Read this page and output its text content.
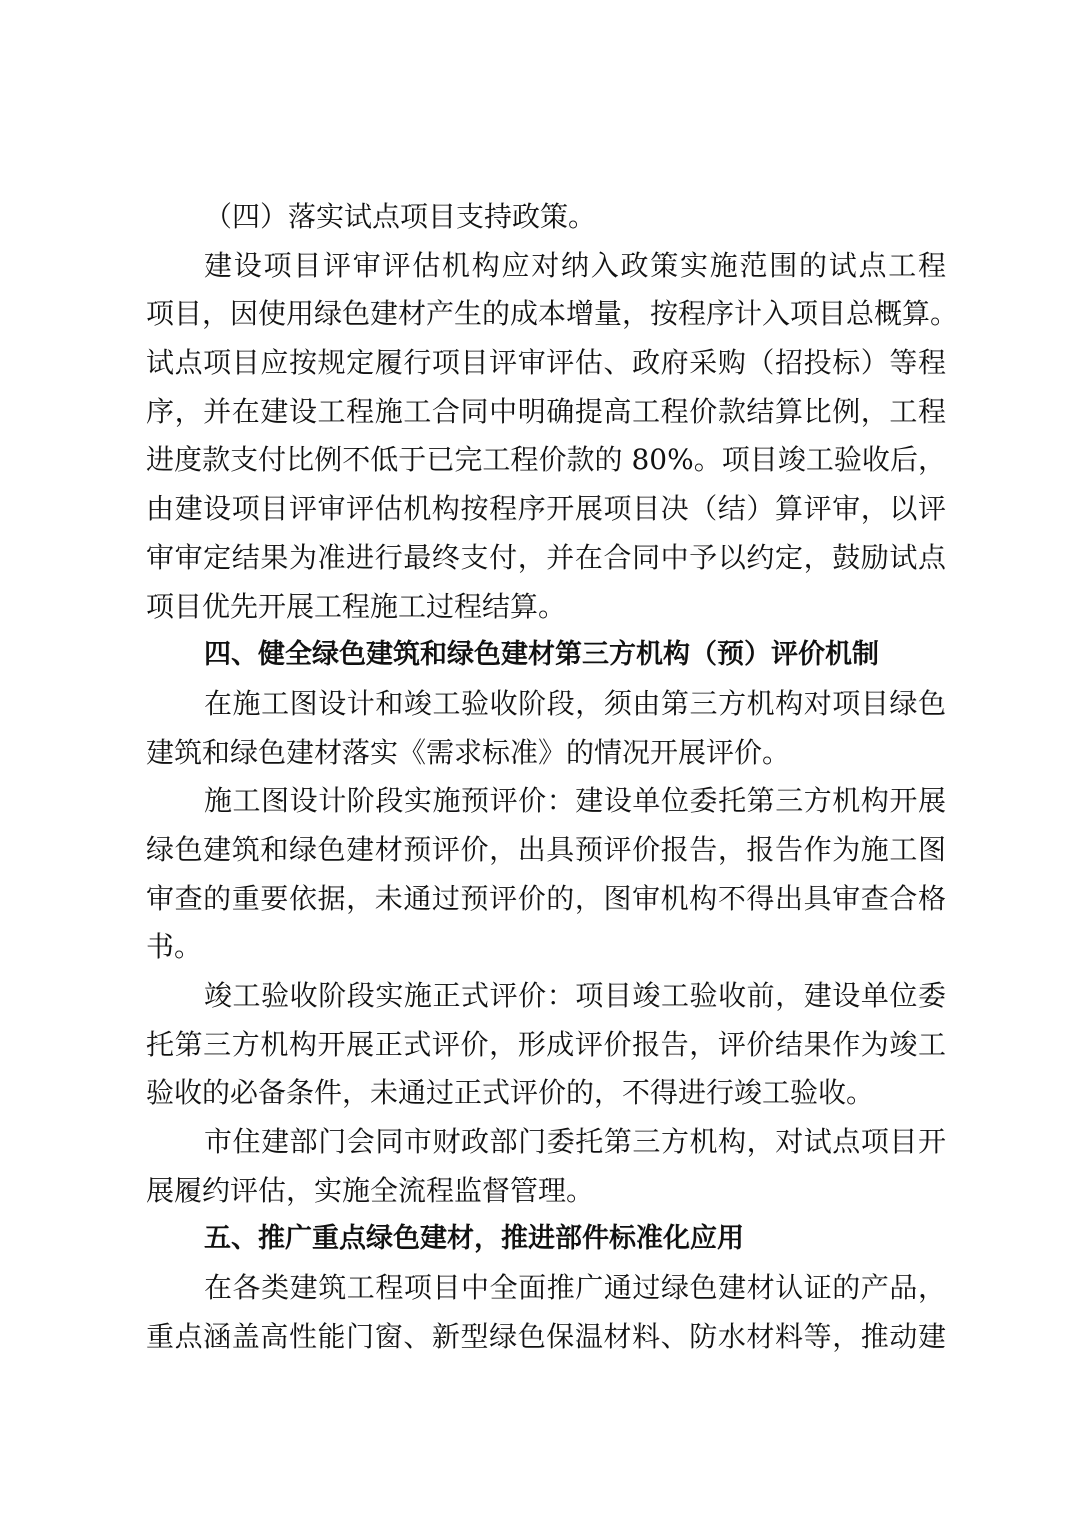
（四）落实试点项目支持政策。
建设项目评审评估机构应对纳入政策实施范围的试点工程
项目，因使用绿色建材产生的成本增量，按程序计入项目总概算。
试点项目应按规定履行项目评审评估、政府采购（招投标）等程
序，并在建设工程施工合同中明确提高工程价款结算比例，工程
进度款支付比例不低于已完工程价款的 80%。项目竣工验收后，
由建设项目评审评估机构按程序开展项目决（结）算评审，以评
审审定结果为准进行最终支付，并在合同中予以约定，鼓励试点
项目优先开展工程施工过程结算。
四、健全绿色建筑和绿色建材第三方机构（预）评价机制
在施工图设计和竣工验收阶段，须由第三方机构对项目绿色
建筑和绿色建材落实《需求标准》的情况开展评价。
施工图设计阶段实施预评价：建设单位委托第三方机构开展
绿色建筑和绿色建材预评价，出具预评价报告，报告作为施工图
审查的重要依据，未通过预评价的，图审机构不得出具审查合格
书。
竣工验收阶段实施正式评价：项目竣工验收前，建设单位委
托第三方机构开展正式评价，形成评价报告，评价结果作为竣工
验收的必备条件，未通过正式评价的，不得进行竣工验收。
市住建部门会同市财政部门委托第三方机构，对试点项目开
展履约评估，实施全流程监督管理。
五、推广重点绿色建材，推进部件标准化应用
在各类建筑工程项目中全面推广通过绿色建材认证的产品，
重点涵盖高性能门窗、新型绿色保温材料、防水材料等，推动建
